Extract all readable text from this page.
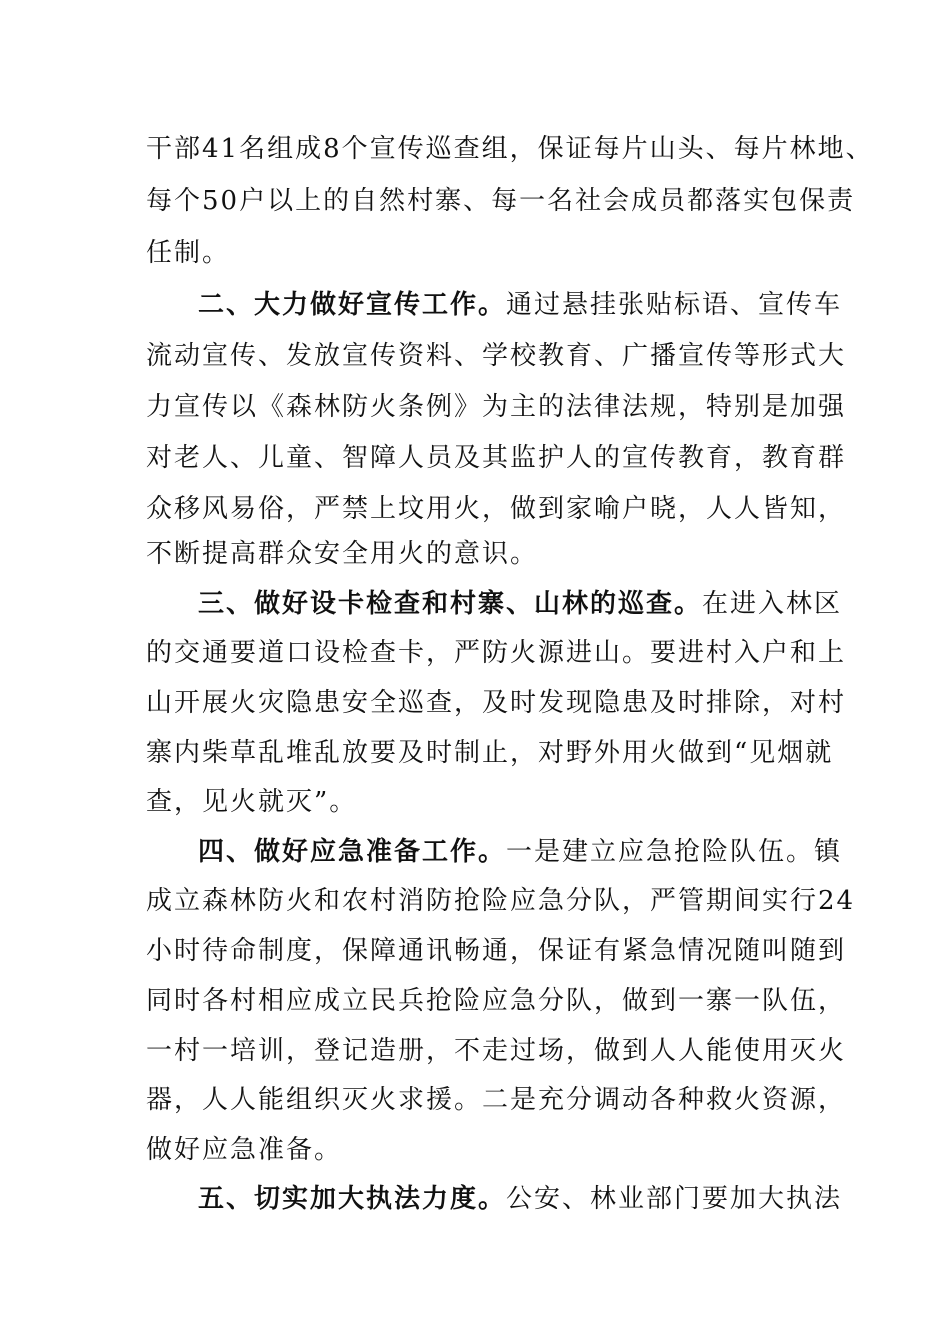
干部41名组成8个宣传巡查组，保证每片山头、每片林地、
每个50户以上的自然村寨、每一名社会成员都落实包保责
任制。
二、大力做好宣传工作。通过悬挂张贴标语、宣传车
流动宣传、发放宣传资料、学校教育、广播宣传等形式大
力宣传以《森林防火条例》为主的法律法规，特别是加强
对老人、儿童、智障人员及其监护人的宣传教育，教育群
众移风易俗，严禁上坟用火，做到家喻户晓，人人皆知，
不断提高群众安全用火的意识。
三、做好设卡检查和村寨、山林的巡查。在进入林区
的交通要道口设检查卡，严防火源进山。要进村入户和上
山开展火灾隐患安全巡查，及时发现隐患及时排除，对村
寨内柴草乱堆乱放要及时制止，对野外用火做到“见烟就
查，见火就灭”。
四、做好应急准备工作。一是建立应急抢险队伍。镇
成立森林防火和农村消防抢险应急分队，严管期间实行24
小时待命制度，保障通讯畅通，保证有紧急情况随叫随到
同时各村相应成立民兵抢险应急分队，做到一寨一队伍，
一村一培训，登记造册，不走过场，做到人人能使用灭火
器，人人能组织灭火求援。二是充分调动各种救火资源，
做好应急准备。
五、切实加大执法力度。公安、林业部门要加大执法
